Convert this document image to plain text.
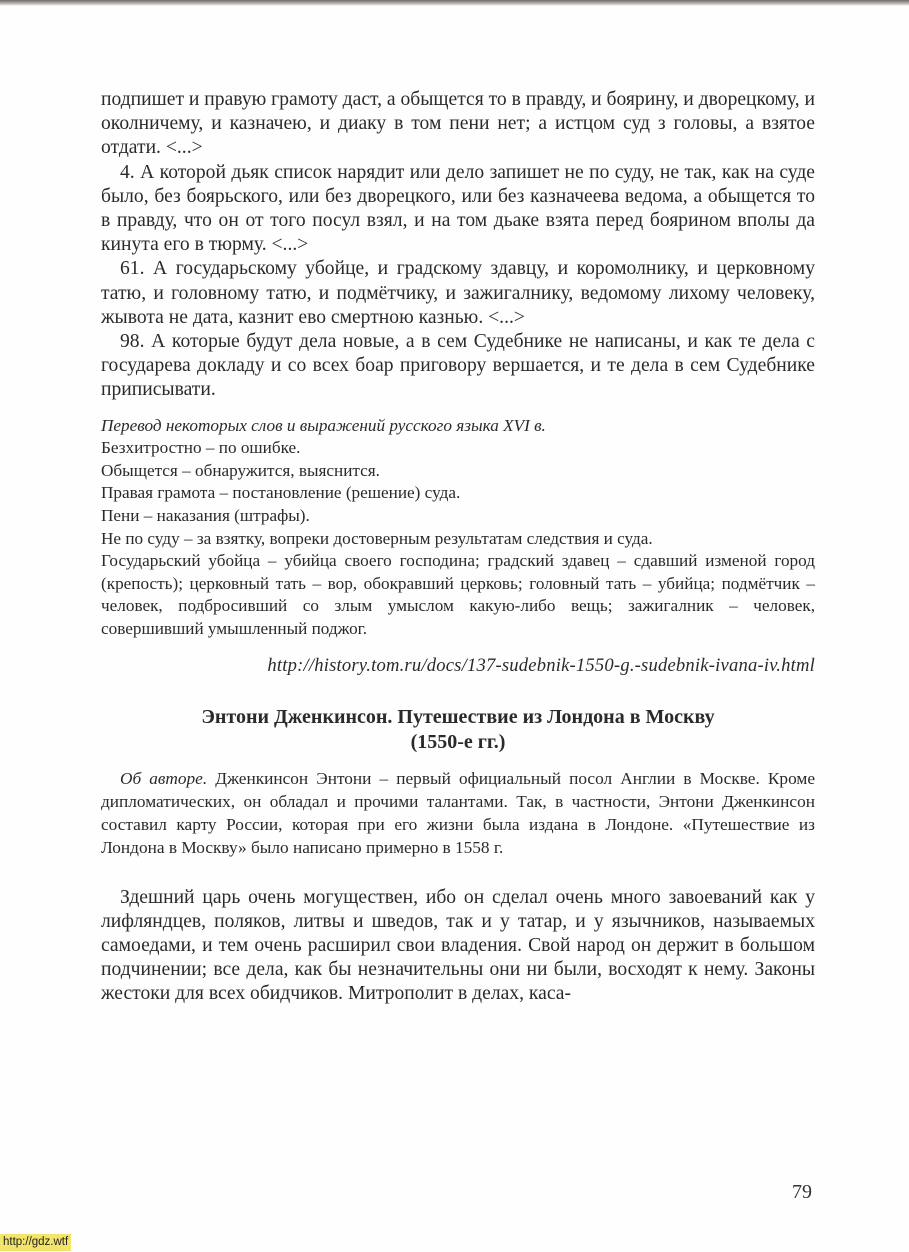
подпишет и правую грамоту даст, а обыщется то в правду, и боярину, и дворецкому, и околничему, и казначею, и диаку в том пени нет; а истцом суд з головы, а взятое отдати. <...>

4. А которой дьяк список нарядит или дело запишет не по суду, не так, как на суде было, без боярьского, или без дворецкого, или без казначеева ведома, а обыщется то в правду, что он от того посул взял, и на том дьаке взята перед боярином вполы да кинута его в тюрму. <...>

61. А государьскому убойце, и градскому здавцу, и коромолнику, и церковному татю, и головному татю, и подмётчику, и зажигалнику, ведомому лихому человеку, жывота не дата, казнит ево смертною казнью. <...>

98. А которые будут дела новые, а в сем Судебнике не написаны, и как те дела с государева докладу и со всех боар приговору вершается, и те дела в сем Судебнике приписывати.

Перевод некоторых слов и выражений русского языка XVI в.

Безхитростно – по ошибке.

Обыщется – обнаружится, выяснится.

Правая грамота – постановление (решение) суда.

Пени – наказания (штрафы).

Не по суду – за взятку, вопреки достоверным результатам следствия и суда.

Государьский убойца – убийца своего господина; градский здавец – сдавший изменой город (крепость); церковный тать – вор, обокравший церковь; головный тать – убийца; подмётчик – человек, подбросивший со злым умыслом какую-либо вещь; зажигалник – человек, совершивший умышленный поджог.

http://history.tom.ru/docs/137-sudebnik-1550-g.-sudebnik-ivana-iv.html

Энтони Дженкинсон. Путешествие из Лондона в Москву
(1550-е гг.)

Об авторе. Дженкинсон Энтони – первый официальный посол Англии в Москве. Кроме дипломатических, он обладал и прочими талантами. Так, в частности, Энтони Дженкинсон составил карту России, которая при его жизни была издана в Лондоне. «Путешествие из Лондона в Москву» было написано примерно в 1558 г.

Здешний царь очень могуществен, ибо он сделал очень много завоеваний как у лифляндцев, поляков, литвы и шведов, так и у татар, и у язычников, называемых самоедами, и тем очень расширил свои владения. Свой народ он держит в большом подчинении; все дела, как бы незначительны они ни были, восходят к нему. Законы жестоки для всех обидчиков. Митрополит в делах, каса-

79
http://gdz.wtf
